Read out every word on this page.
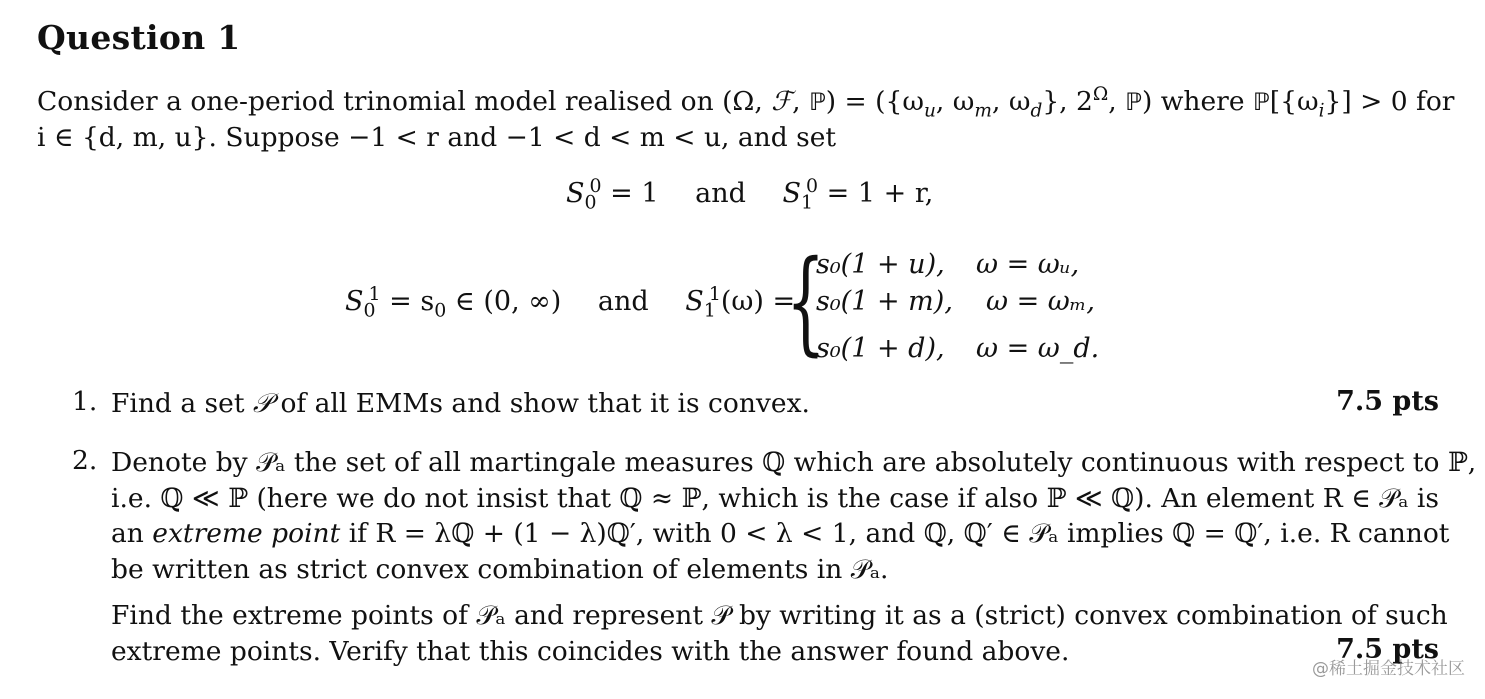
Question 1
Consider a one-period trinomial model realised on (Ω, ℱ, ℙ) = ({$\omega_u$, $\omega_m$, $\omega_d$}, $2^\Omega$, ℙ) where $ℙ[\{\omega_i\}] > 0$ for
i ∈ {d, m, u}. Suppose −1 < r and −1 < d < m < u, and set
$S_0^0 = 1$ and $S_1^0 = 1 + r$,
$S_0^1 = s_0$ ∈ (0, ∞) and $S_1^1(\omega)$ =
{
s₀(1 + u), ω = ωᵤ,
s₀(1 + m), ω = ωₘ,
s₀(1 + d), ω = ω_d.
1. Find a set 𝒫 of all EMMs and show that it is convex.	7.5 pts
2. Denote by 𝒫ₐ the set of all martingale measures ℚ which are absolutely continuous with respect to ℙ,
i.e. ℚ ≪ ℙ (here we do not insist that ℚ ≈ ℙ, which is the case if also ℙ ≪ ℚ). An element R ∈ 𝒫ₐ is
an extreme point if R = λℚ + (1 − λ)ℚ′, with 0 < λ < 1, and ℚ, ℚ′ ∈ 𝒫ₐ implies ℚ = ℚ′, i.e. R cannot
be written as strict convex combination of elements in 𝒫ₐ.
Find the extreme points of 𝒫ₐ and represent 𝒫 by writing it as a (strict) convex combination of such
extreme points. Verify that this coincides with the answer found above.	7.5 pts
@稀土掘金技术社区
